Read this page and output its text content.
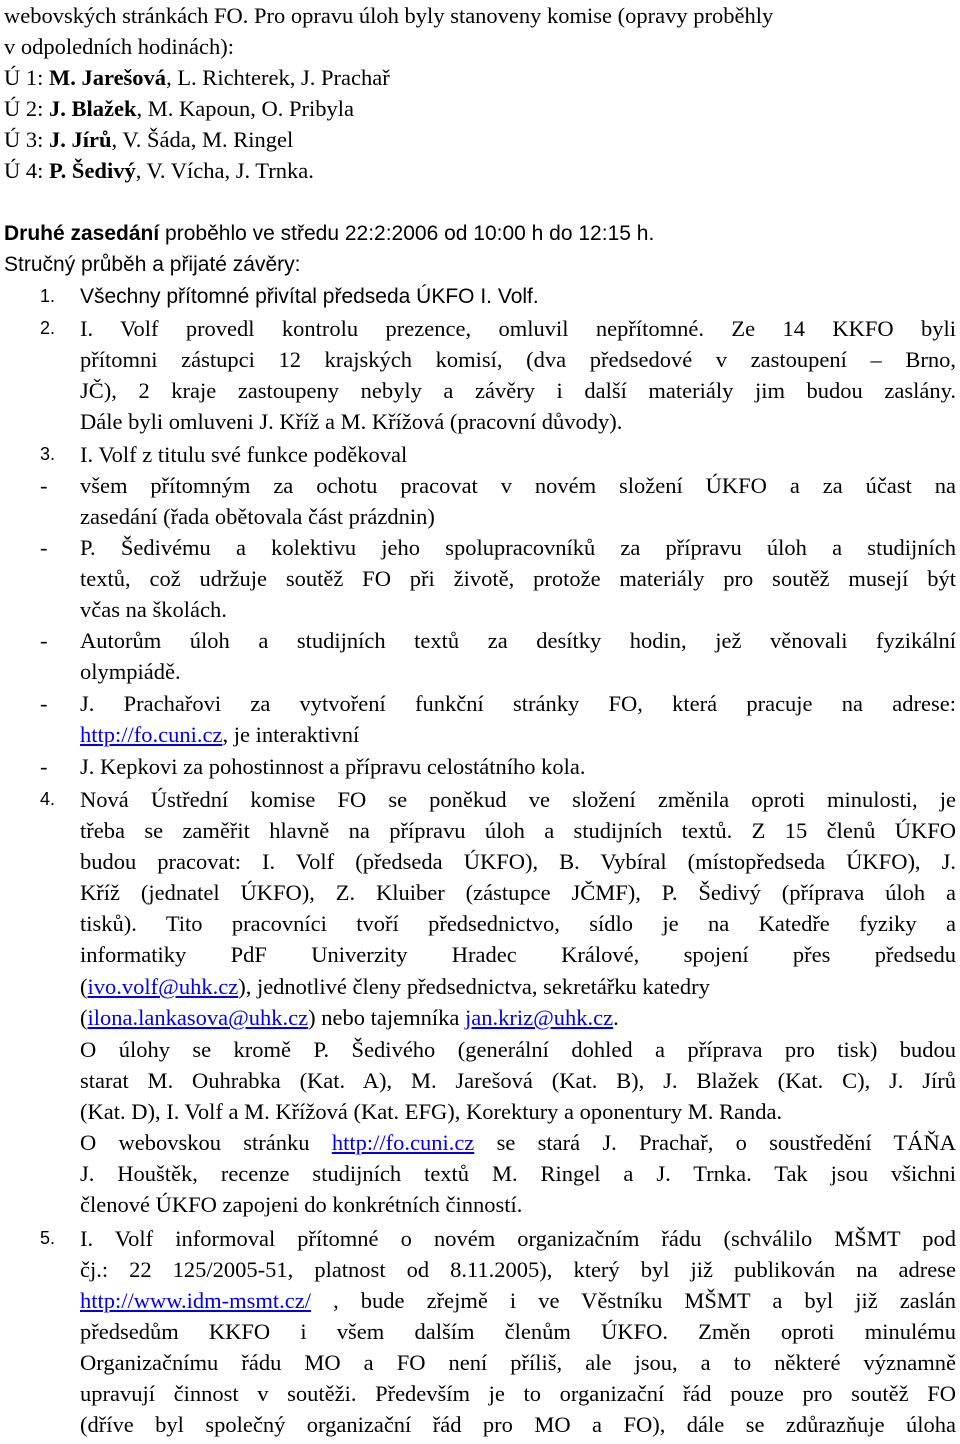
webovských stránkách FO. Pro opravu úloh byly stanoveny komise (opravy proběhly
v odpoledních hodinách):
Ú 1: M. Jarešová, L. Richterek, J. Prachař
Ú 2: J. Blažek, M. Kapoun, O. Pribyla
Ú 3: J. Jírů, V. Šáda, M. Ringel
Ú 4: P. Šedivý, V. Vícha, J. Trnka.
Druhé zasedání proběhlo ve středu 22:2:2006 od 10:00 h do 12:15 h.
Stručný průběh a přijaté závěry:
1. Všechny přítomné přivítal předseda ÚKFO I. Volf.
2. I. Volf provedl kontrolu prezence, omluvil nepřítomné. Ze 14 KKFO byli
přítomni zástupci 12 krajských komisí, (dva předsedové v zastoupení – Brno,
JČ), 2 kraje zastoupeny nebyly a závěry i další materiály jim budou zaslány.
Dále byli omluveni J. Kříž a M. Křížová (pracovní důvody).
3. I. Volf z titulu své funkce poděkoval
- všem přítomným za ochotu pracovat v novém složení ÚKFO a za účast na
zasedání (řada obětovala část prázdnin)
- P. Šedivému a kolektivu jeho spolupracovníků za přípravu úloh a studijních
textů, což udržuje soutěž FO při životě, protože materiály pro soutěž musejí být
včas na školách.
- Autorům úloh a studijních textů za desítky hodin, jež věnovali fyzikální
olympiádě.
- J. Prachařovi za vytvoření funkční stránky FO, která pracuje na adrese:
http://fo.cuni.cz, je interaktivní
- J. Kepkovi za pohostinnost a přípravu celostátního kola.
4. Nová Ústřední komise FO se poněkud ve složení změnila oproti minulosti, je
třeba se zaměřit hlavně na přípravu úloh a studijních textů. Z 15 členů ÚKFO
budou pracovat: I. Volf (předseda ÚKFO), B. Vybíral (místopředseda ÚKFO), J.
Kříž (jednatel ÚKFO), Z. Kluiber (zástupce JČMF), P. Šedivý (příprava úloh a
tisků). Tito pracovníci tvoří předsednictvo, sídlo je na Katedře fyziky a
informatiky PdF Univerzity Hradec Králové, spojení přes předsedu
(ivo.volf@uhk.cz), jednotlivé členy předsednictva, sekretářku katedry
(ilona.lankasova@uhk.cz) nebo tajemníka jan.kriz@uhk.cz.
O úlohy se kromě P. Šedivého (generální dohled a příprava pro tisk) budou
starat M. Ouhrabka (Kat. A), M. Jarešová (Kat. B), J. Blažek (Kat. C), J. Jírů
(Kat. D), I. Volf a M. Křížová (Kat. EFG), Korektury a oponentury M. Randa.
O webovskou stránku http://fo.cuni.cz se stará J. Prachař, o soustředění TÁŇA
J. Houštěk, recenze studijních textů M. Ringel a J. Trnka. Tak jsou všichni
členové ÚKFO zapojeni do konkrétních činností.
5. I. Volf informoval přítomné o novém organizačním řádu (schválilo MŠMT pod
čj.: 22 125/2005-51, platnost od 8.11.2005), který byl již publikován na adrese
http://www.idm-msmt.cz/ , bude zřejmě i ve Věstníku MŠMT a byl již zaslán
předsedům KKFO i všem dalším členům ÚKFO. Změn oproti minulému
Organizačnímu řádu MO a FO není příliš, ale jsou, a to některé významně
upravují činnost v soutěži. Především je to organizační řád pouze pro soutěž FO
(dříve byl společný organizační řád pro MO a FO), dále se zdůrazňuje úloha
